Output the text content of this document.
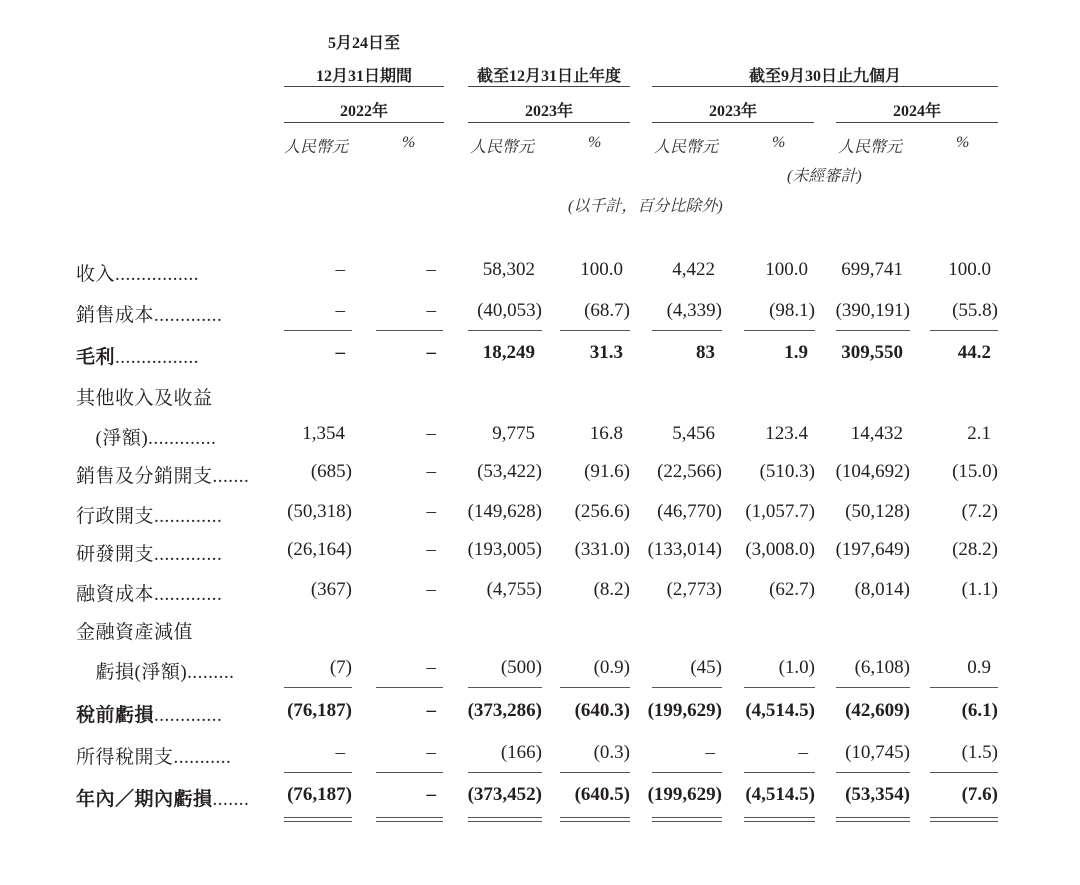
5月24日至
12月31日期間	截至12月31日止年度	截至9月30日止九個月
2022年	2023年	2023年	2024年
人民幣元	%	人民幣元	%	人民幣元	%	人民幣元	%
(未經審計)
(以千計，百分比除外)
收入................	–	–	58,302	100.0	4,422	100.0	699,741	100.0
銷售成本.............	–	–	(40,053)	(68.7)	(4,339)	(98.1)	(390,191)	(55.8)
毛利................	–	–	18,249	31.3	83	1.9	309,550	44.2
其他收入及收益
　(淨額).............	1,354	–	9,775	16.8	5,456	123.4	14,432	2.1
銷售及分銷開支.......	(685)	–	(53,422)	(91.6)	(22,566)	(510.3)	(104,692)	(15.0)
行政開支.............	(50,318)	–	(149,628)	(256.6)	(46,770)	(1,057.7)	(50,128)	(7.2)
研發開支.............	(26,164)	–	(193,005)	(331.0) (133,014)	(3,008.0)	(197,649)	(28.2)
融資成本.............	(367)	–	(4,755)	(8.2)	(2,773)	(62.7)	(8,014)	(1.1)
金融資產減值
　虧損(淨額).........	(7)	–	(500)	(0.9)	(45)	(1.0)	(6,108)	0.9
稅前虧損.............	(76,187)	–	(373,286)	(640.3) (199,629)	(4,514.5)	(42,609)	(6.1)
所得稅開支...........	–	–	(166)	(0.3)	–	–	(10,745)	(1.5)
年內／期內虧損.......	(76,187)	–	(373,452)	(640.5) (199,629)	(4,514.5)	(53,354)	(7.6)
